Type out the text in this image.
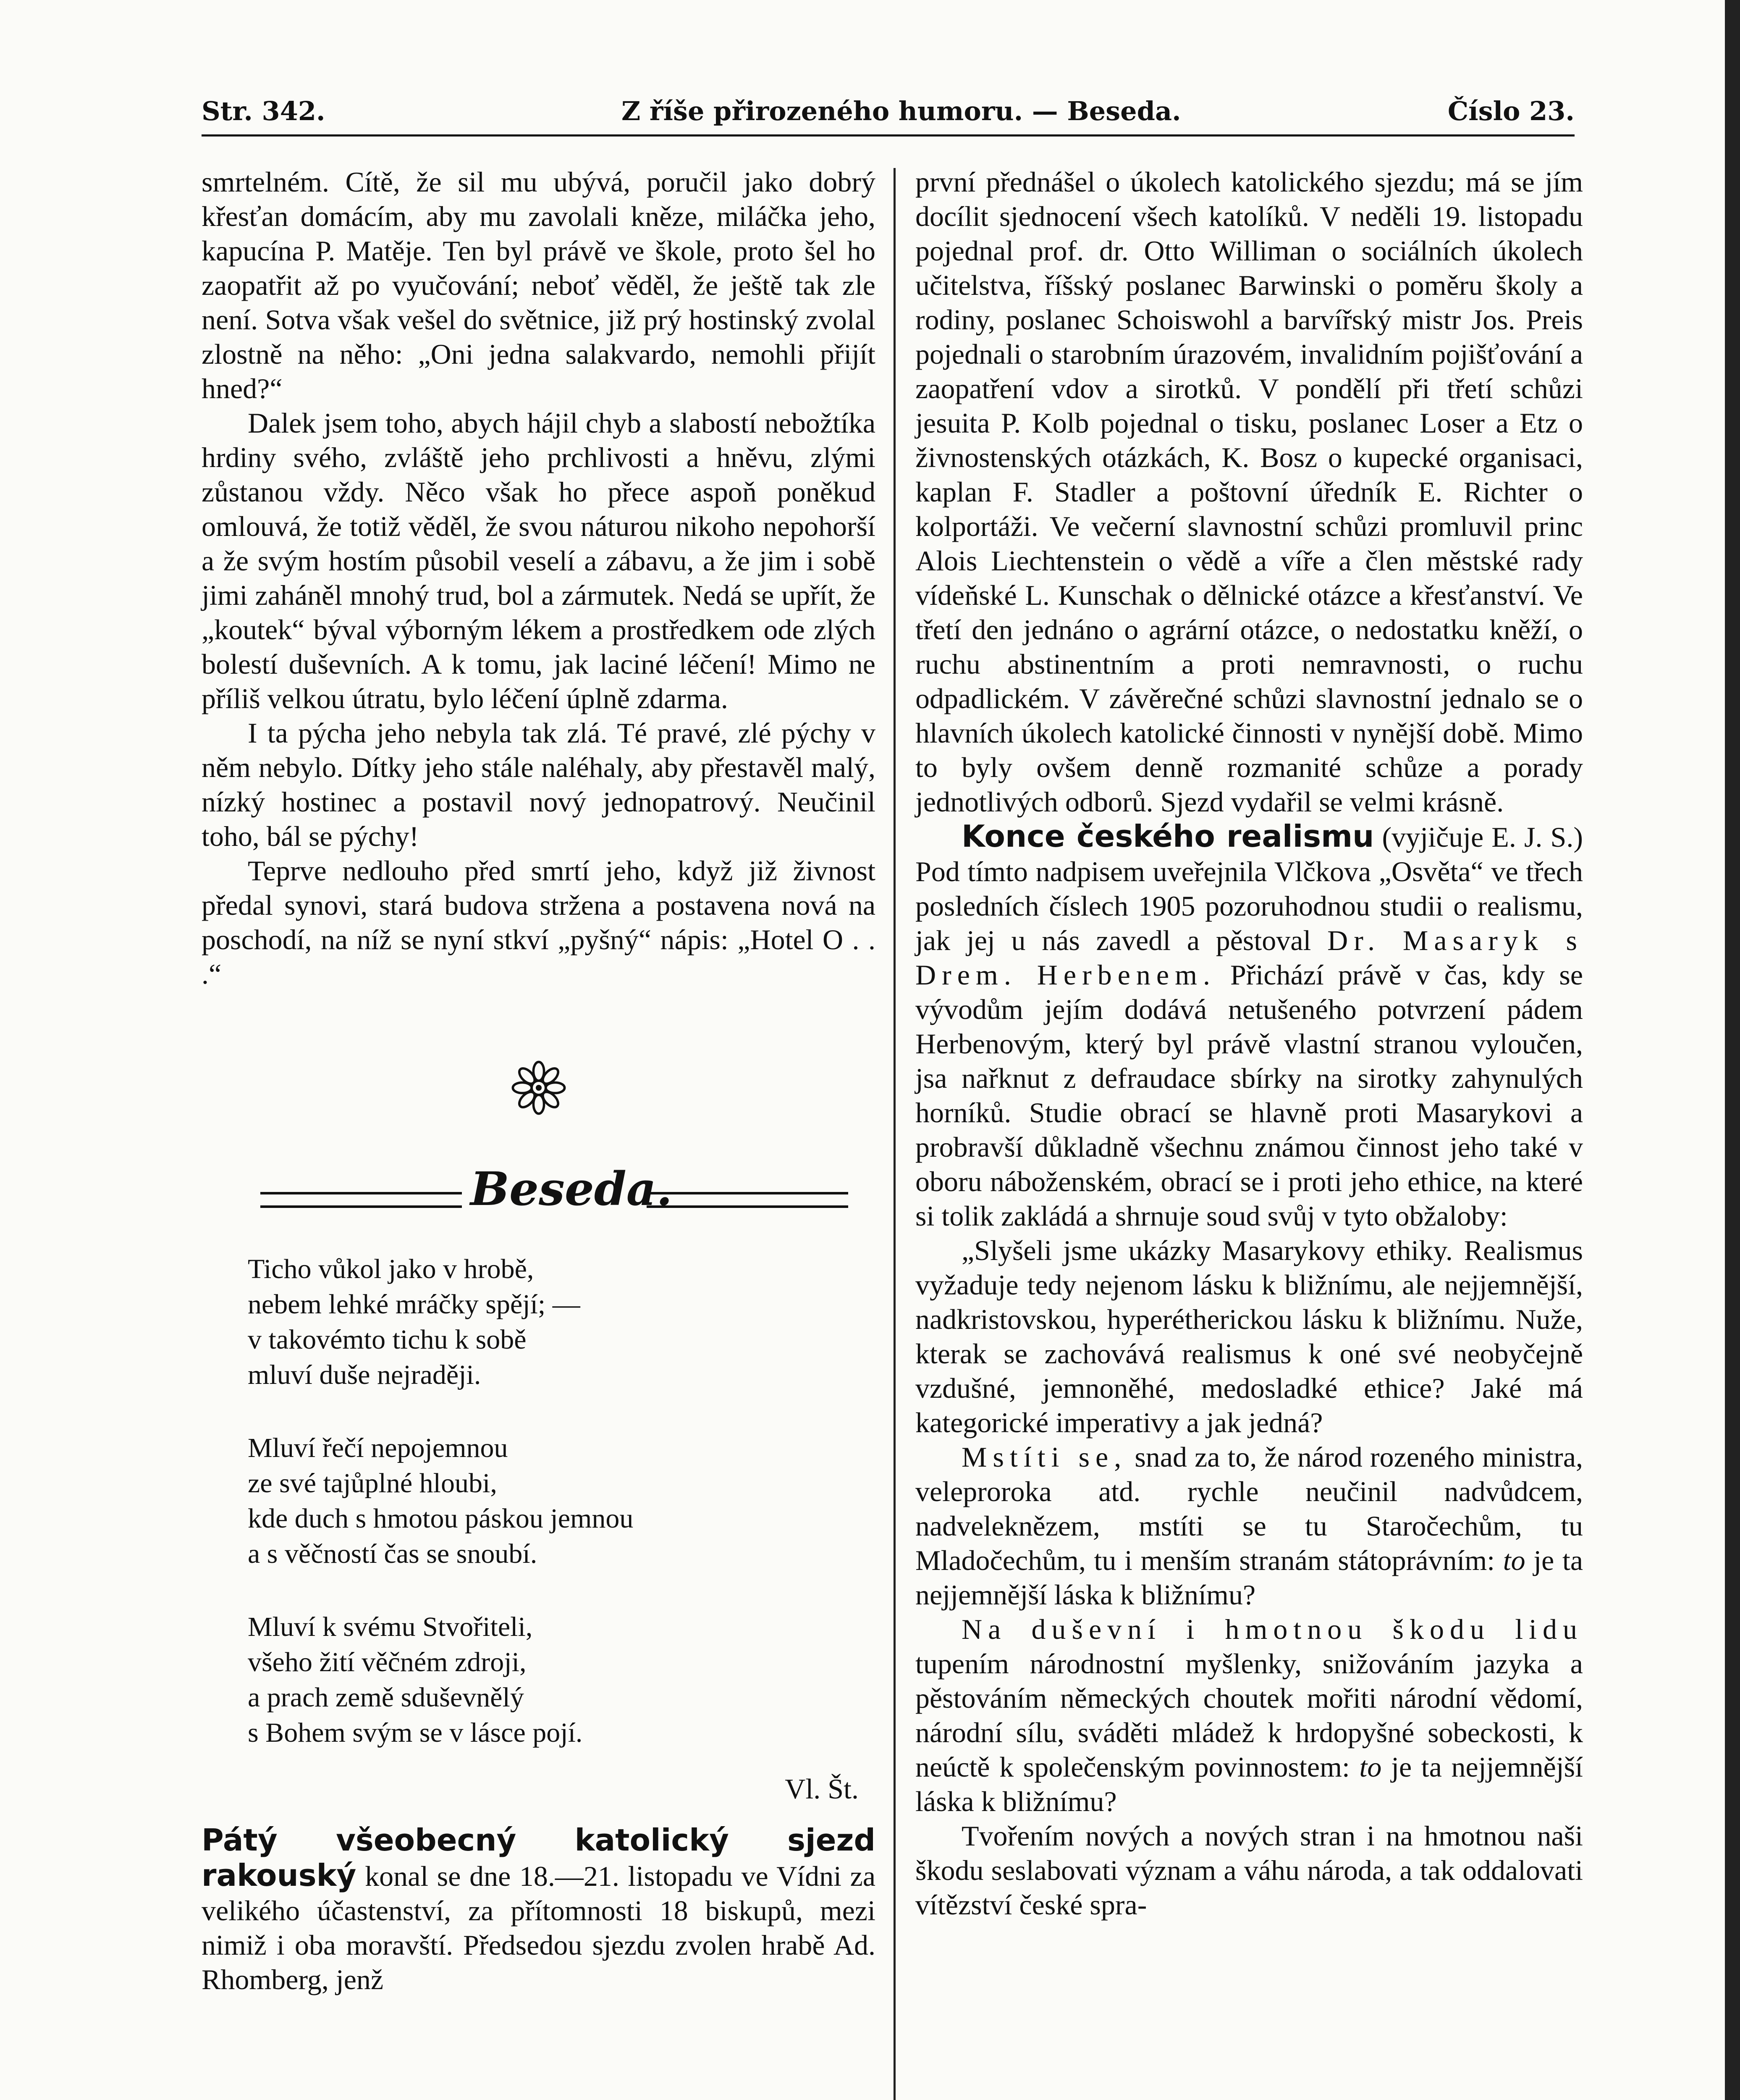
Str. 342.	Z říše přirozeného humoru. — Beseda.	Číslo 23.

smrtelném. Cítě, že sil mu ubývá, poručil jako dobrý křesťan domácím, aby mu zavolali kněze, miláčka jeho, kapucína P. Matěje. Ten byl právě ve škole, proto šel ho zaopatřit až po vyučování; neboť věděl, že ještě tak zle není. Sotva však vešel do světnice, již prý hostinský zvolal zlostně na něho: „Oni jedna salakvardo, nemohli přijít hned?“

Dalek jsem toho, abych hájil chyb a slabostí nebožtíka hrdiny svého, zvláště jeho prchlivosti a hněvu, zlými zůstanou vždy. Něco však ho přece aspoň poněkud omlouvá, že totiž věděl, že svou náturou nikoho nepohorší a že svým hostím působil veselí a zábavu, a že jim i sobě jimi zaháněl mnohý trud, bol a zármutek. Nedá se upřít, že „koutek“ býval výborným lékem a prostředkem ode zlých bolestí duševních. A k tomu, jak laciné léčení! Mimo ne příliš velkou útratu, bylo léčení úplně zdarma.

I ta pýcha jeho nebyla tak zlá. Té pravé, zlé pýchy v něm nebylo. Dítky jeho stále naléhaly, aby přestavěl malý, nízký hostinec a postavil nový jednopatrový. Neučinil toho, bál se pýchy!

Teprve nedlouho před smrtí jeho, když již živnost předal synovi, stará budova stržena a postavena nová na poschodí, na níž se nyní stkví „pyšný“ nápis: „Hotel O . . .“

Beseda.
Ticho vůkol jako v hrobě,
nebem lehké mráčky spějí; —
v takovémto tichu k sobě
mluví duše nejraději.
Mluví řečí nepojemnou
ze své tajůplné hloubi,
kde duch s hmotou páskou jemnou
a s věčností čas se snoubí.
Mluví k svému Stvořiteli,
všeho žití věčném zdroji,
a prach země sduševnělý
s Bohem svým se v lásce pojí.
Vl. Št.

Pátý všeobecný katolický sjezd rakouský konal se dne 18.—21. listopadu ve Vídni za velikého účastenství, za přítomnosti 18 biskupů, mezi nimiž i oba moravští. Předsedou sjezdu zvolen hrabě Ad. Rhomberg, jenž

první přednášel o úkolech katolického sjezdu; má se jím docílit sjednocení všech katolíků. V neděli 19. listopadu pojednal prof. dr. Otto Williman o sociálních úkolech učitelstva, říšský poslanec Barwinski o poměru školy a rodiny, poslanec Schoiswohl a barvířský mistr Jos. Preis pojednali o starobním úrazovém, invalidním pojišťování a zaopatření vdov a sirotků. V pondělí při třetí schůzi jesuita P. Kolb pojednal o tisku, poslanec Loser a Etz o živnostenských otázkách, K. Bosz o kupecké organisaci, kaplan F. Stadler a poštovní úředník E. Richter o kolportáži. Ve večerní slavnostní schůzi promluvil princ Alois Liechtenstein o vědě a víře a člen městské rady vídeňské L. Kunschak o dělnické otázce a křesťanství. Ve třetí den jednáno o agrární otázce, o nedostatku kněží, o ruchu abstinentním a proti nemravnosti, o ruchu odpadlickém. V závěrečné schůzi slavnostní jednalo se o hlavních úkolech katolické činnosti v nynější době. Mimo to byly ovšem denně rozmanité schůze a porady jednotlivých odborů. Sjezd vydařil se velmi krásně.

Konce českého realismu (vyjičuje E. J. S.) Pod tímto nadpisem uveřejnila Vlčkova „Osvěta“ ve třech posledních číslech 1905 pozoruhodnou studii o realismu, jak jej u nás zavedl a pěstoval Dr. Masaryk s Drem. Herbenem. Přichází právě v čas, kdy se vývodům jejím dodává netušeného potvrzení pádem Herbenovým, který byl právě vlastní stranou vyloučen, jsa nařknut z defraudace sbírky na sirotky zahynulých horníků. Studie obrací se hlavně proti Masarykovi a probravší důkladně všechnu známou činnost jeho také v oboru náboženském, obrací se i proti jeho ethice, na které si tolik zakládá a shrnuje soud svůj v tyto obžaloby:

„Slyšeli jsme ukázky Masarykovy ethiky. Realismus vyžaduje tedy nejenom lásku k bližnímu, ale nejjemnější, nadkristovskou, hyperétherickou lásku k bližnímu. Nuže, kterak se zachovává realismus k oné své neobyčejně vzdušné, jemnoněhé, medosladké ethice? Jaké má kategorické imperativy a jak jedná?

Mstíti se, snad za to, že národ rozeného ministra, veleproroka atd. rychle neučinil nadvůdcem, nadveleknězem, mstíti se tu Staročechům, tu Mladočechům, tu i menším stranám státoprávním: to je ta nejjemnější láska k bližnímu?

Na duševní i hmotnou škodu lidu tupením národnostní myšlenky, snižováním jazyka a pěstováním německých choutek mořiti národní vědomí, národní sílu, sváděti mládež k hrdopyšné sobeckosti, k neúctě k společenským povinnostem: to je ta nejjemnější láska k bližnímu?

Tvořením nových a nových stran i na hmotnou naši škodu seslabovati význam a váhu národa, a tak oddalovati vítězství české spra-
